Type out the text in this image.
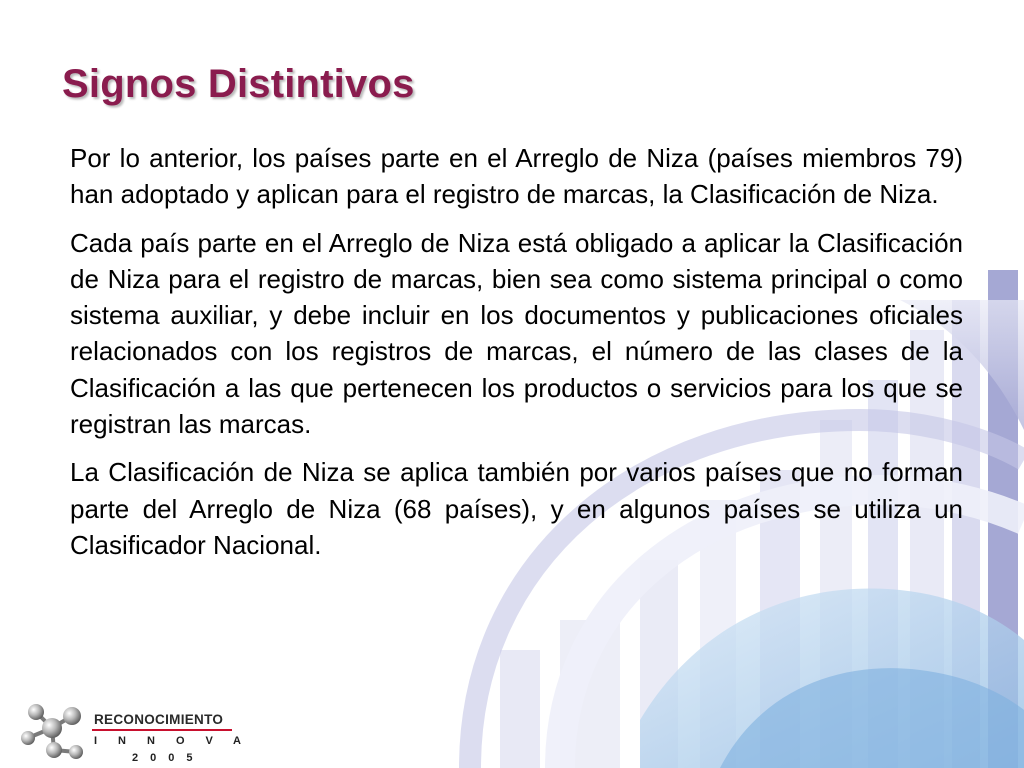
Signos Distintivos

Por lo anterior, los países parte en el Arreglo de Niza (países miembros 79) han adoptado y aplican para el registro de marcas, la Clasificación de Niza.

Cada país parte en el Arreglo de Niza está obligado a aplicar la Clasificación de Niza para el registro de marcas, bien sea como sistema principal o como sistema auxiliar, y debe incluir en los documentos y publicaciones oficiales relacionados con los registros de marcas, el número de las clases de la Clasificación a las que pertenecen los productos o servicios para los que se registran las marcas.

La Clasificación de Niza se aplica también por varios países que no forman parte del Arreglo de Niza (68 países), y en algunos países se utiliza un Clasificador Nacional.

RECONOCIMIENTO
INNOVA
2005
